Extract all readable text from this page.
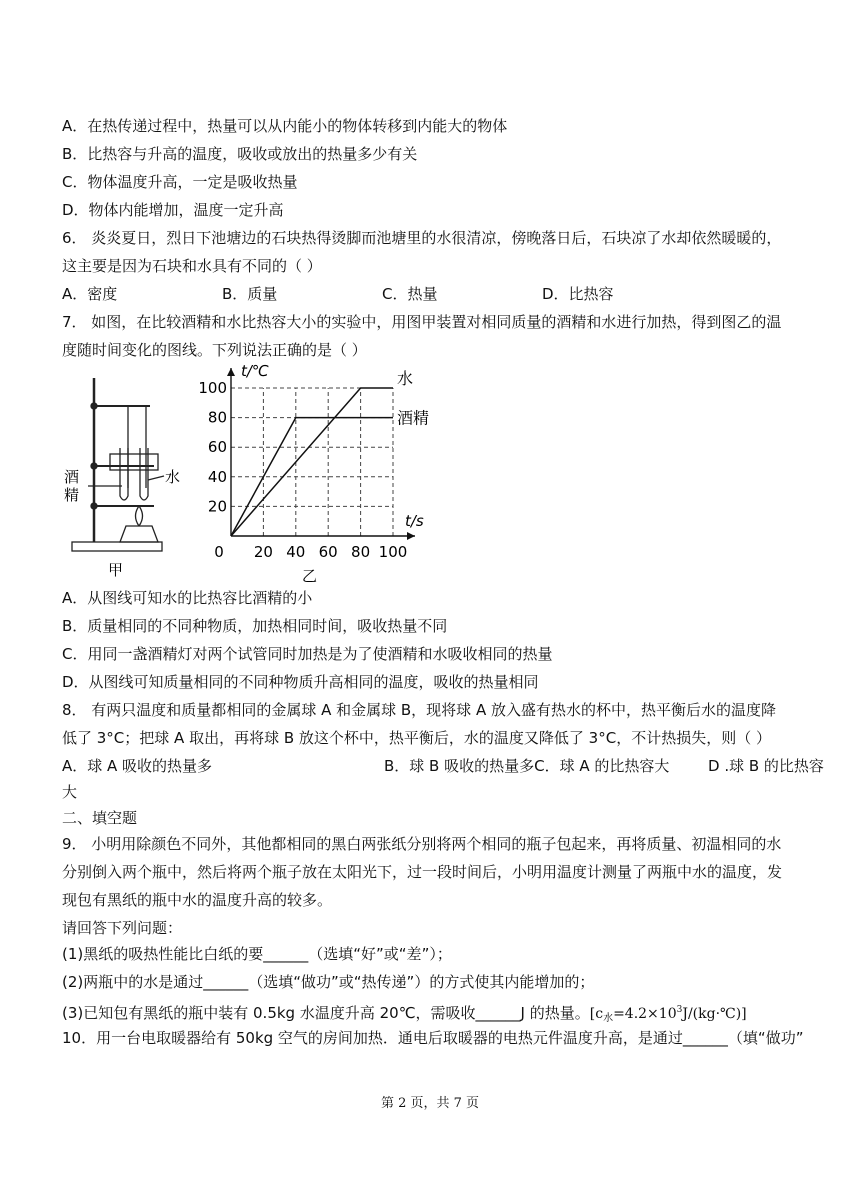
A．在热传递过程中，热量可以从内能小的物体转移到内能大的物体
B．比热容与升高的温度，吸收或放出的热量多少有关
C．物体温度升高，一定是吸收热量
D．物体内能增加，温度一定升高
6． 炎炎夏日，烈日下池塘边的石块热得烫脚而池塘里的水很清凉，傍晚落日后，石块凉了水却依然暖暖的，
这主要是因为石块和水具有不同的（ ）
A．密度	B．质量	C．热量	D．比热容
7． 如图，在比较酒精和水比热容大小的实验中，用图甲装置对相同质量的酒精和水进行加热，得到图乙的温
度随时间变化的图线。下列说法正确的是（ ）
酒
精
水
甲
0 20 40 60 80 100
20
40
60
80
100
t/℃
t/s
水
酒精
乙
A．从图线可知水的比热容比酒精的小
B．质量相同的不同种物质，加热相同时间，吸收热量不同
C．用同一盏酒精灯对两个试管同时加热是为了使酒精和水吸收相同的热量
D．从图线可知质量相同的不同种物质升高相同的温度，吸收的热量相同
8． 有两只温度和质量都相同的金属球 A 和金属球 B，现将球 A 放入盛有热水的杯中，热平衡后水的温度降
低了 3°C；把球 A 取出，再将球 B 放这个杯中，热平衡后，水的温度又降低了 3°C，不计热损失，则（ ）
A．球 A 吸收的热量多	B．球 B 吸收的热量多C．球 A 的比热容大	D .球 B 的比热容
大
二、填空题
9． 小明用除颜色不同外，其他都相同的黑白两张纸分别将两个相同的瓶子包起来，再将质量、初温相同的水
分别倒入两个瓶中，然后将两个瓶子放在太阳光下，过一段时间后，小明用温度计测量了两瓶中水的温度，发
现包有黑纸的瓶中水的温度升高的较多。
请回答下列问题：
(1)黑纸的吸热性能比白纸的要______（选填“好”或“差”）；
(2)两瓶中的水是通过______（选填“做功”或“热传递”）的方式使其内能增加的；
(3)已知包有黑纸的瓶中装有 0.5kg 水温度升高 20℃，需吸收______J 的热量。$[c_水=4.2\times 10^3J/(kg\cdot℃)]$
10．用一台电取暖器给有 50kg 空气的房间加热．通电后取暖器的电热元件温度升高，是通过______（填“做功”
第 2 页，共 7 页
